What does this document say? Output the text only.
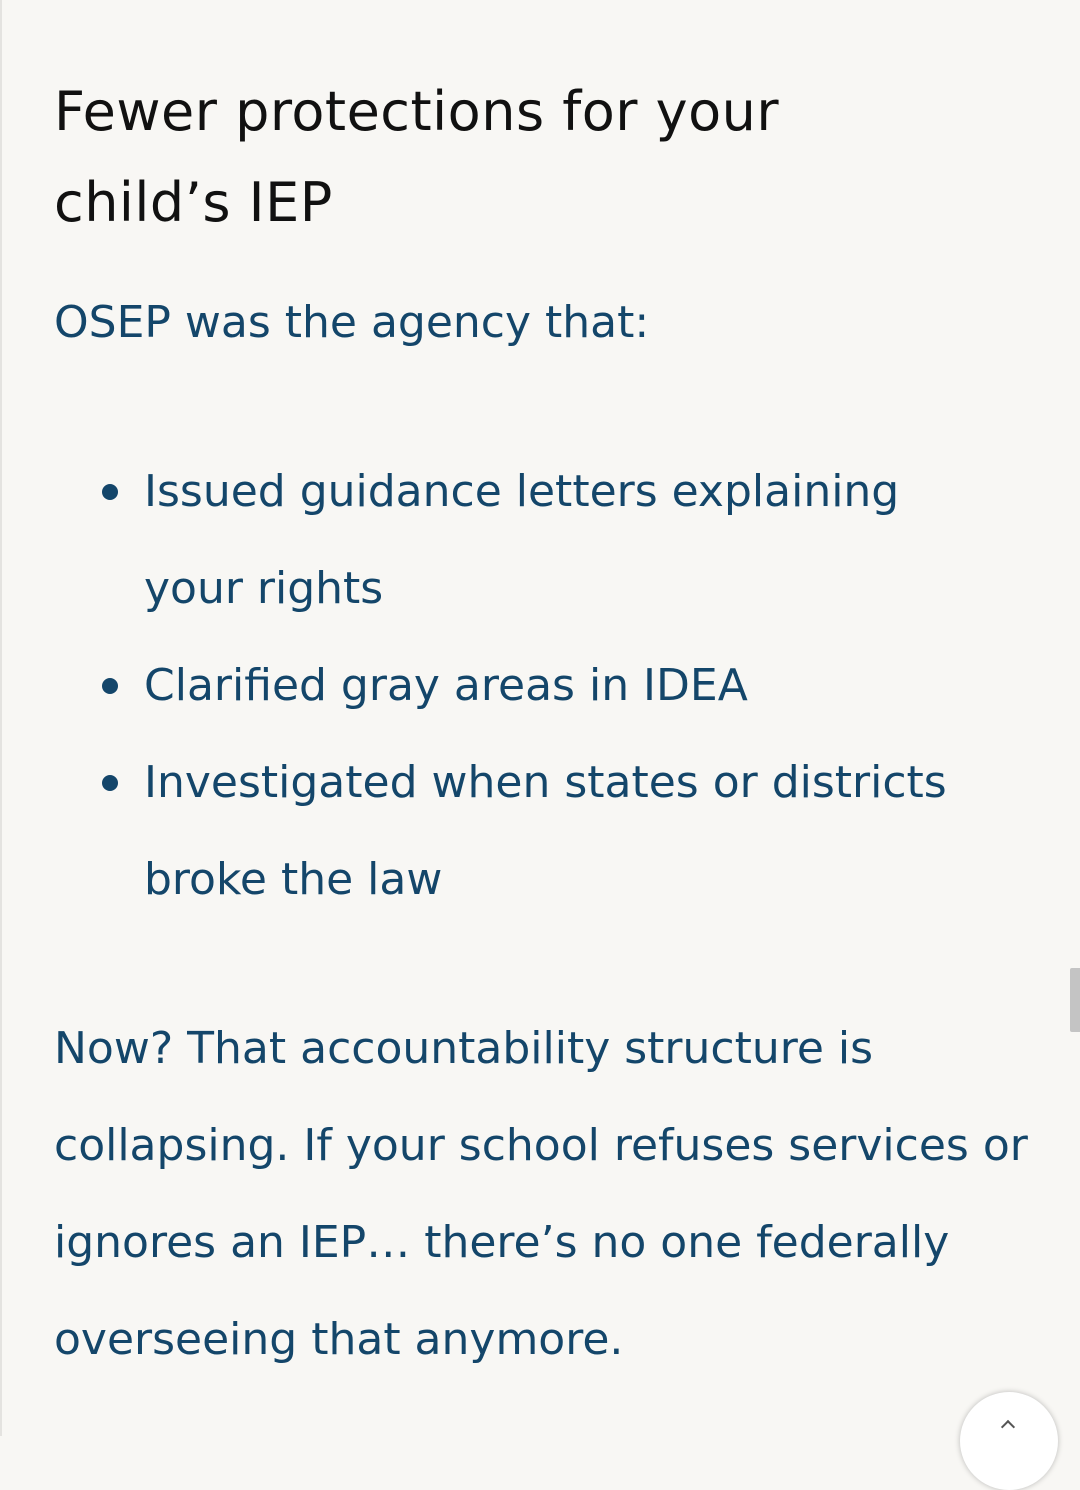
Fewer protections for your child’s IEP

OSEP was the agency that:

Issued guidance letters explaining your rights
Clarified gray areas in IDEA
Investigated when states or districts broke the law

Now? That accountability structure is collapsing. If your school refuses services or ignores an IEP… there’s no one federally overseeing that anymore.
